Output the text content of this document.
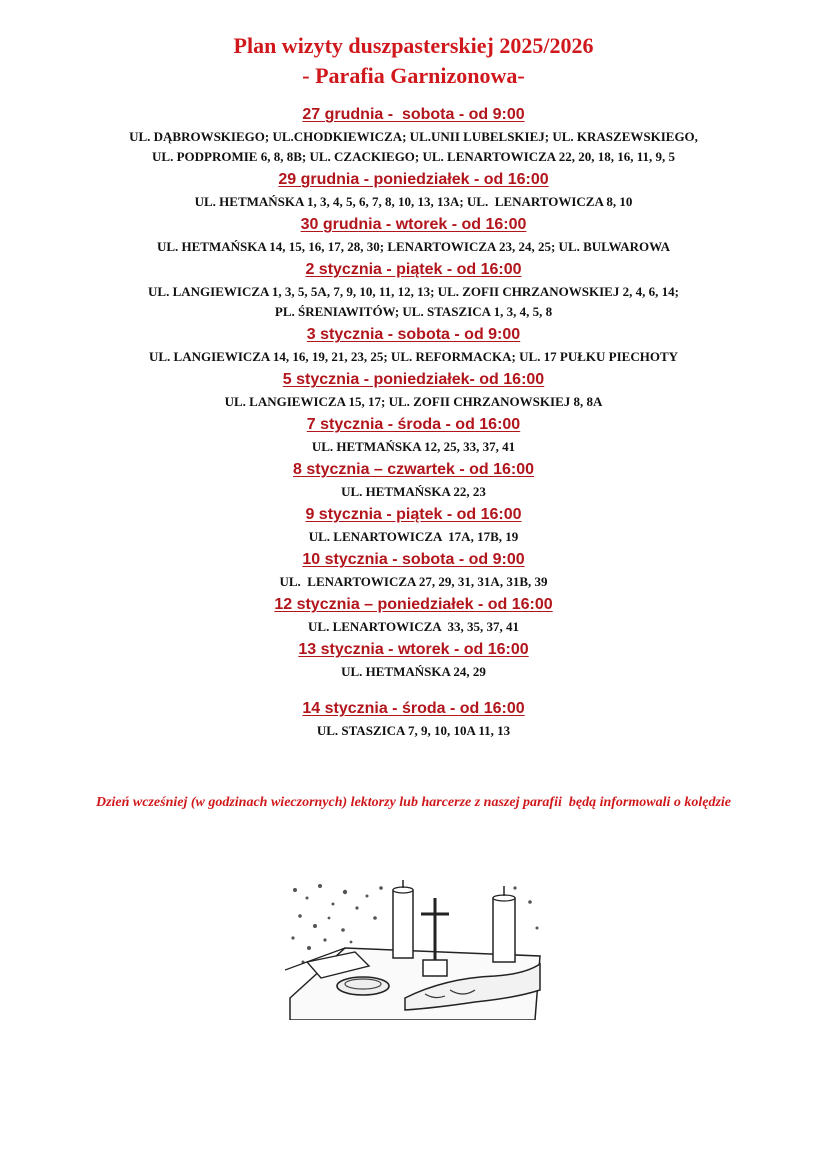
Plan wizyty duszpasterskiej 2025/2026
- Parafia Garnizonowa-

27 grudnia -  sobota - od 9:00

UL. DĄBROWSKIEGO; UL.CHODKIEWICZA; UL.UNII LUBELSKIEJ; UL. KRASZEWSKIEGO,
UL. PODPROMIE 6, 8, 8B; UL. CZACKIEGO; UL. LENARTOWICZA 22, 20, 18, 16, 11, 9, 5

29 grudnia - poniedziałek - od 16:00

UL. HETMAŃSKA 1, 3, 4, 5, 6, 7, 8, 10, 13, 13A; UL.  LENARTOWICZA 8, 10

30 grudnia - wtorek - od 16:00

UL. HETMAŃSKA 14, 15, 16, 17, 28, 30; LENARTOWICZA 23, 24, 25; UL. BULWAROWA

2 stycznia - piątek - od 16:00

UL. LANGIEWICZA 1, 3, 5, 5A, 7, 9, 10, 11, 12, 13; UL. ZOFII CHRZANOWSKIEJ 2, 4, 6, 14;
PL. ŚRENIAWITÓW; UL. STASZICA 1, 3, 4, 5, 8

3 stycznia - sobota - od 9:00

UL. LANGIEWICZA 14, 16, 19, 21, 23, 25; UL. REFORMACKA; UL. 17 PUŁKU PIECHOTY

5 stycznia - poniedziałek- od 16:00

UL. LANGIEWICZA 15, 17; UL. ZOFII CHRZANOWSKIEJ 8, 8A

7 stycznia - środa - od 16:00

UL. HETMAŃSKA 12, 25, 33, 37, 41

8 stycznia – czwartek - od 16:00

UL. HETMAŃSKA 22, 23

9 stycznia - piątek - od 16:00

UL. LENARTOWICZA  17A, 17B, 19

10 stycznia - sobota - od 9:00

UL.  LENARTOWICZA 27, 29, 31, 31A, 31B, 39

12 stycznia – poniedziałek - od 16:00

UL. LENARTOWICZA  33, 35, 37, 41

13 stycznia - wtorek - od 16:00

UL. HETMAŃSKA 24, 29

14 stycznia - środa - od 16:00

UL. STASZICA 7, 9, 10, 10A 11, 13

Dzień wcześniej (w godzinach wieczornych) lektorzy lub harcerze z naszej parafii  będą informowali o kolędzie
